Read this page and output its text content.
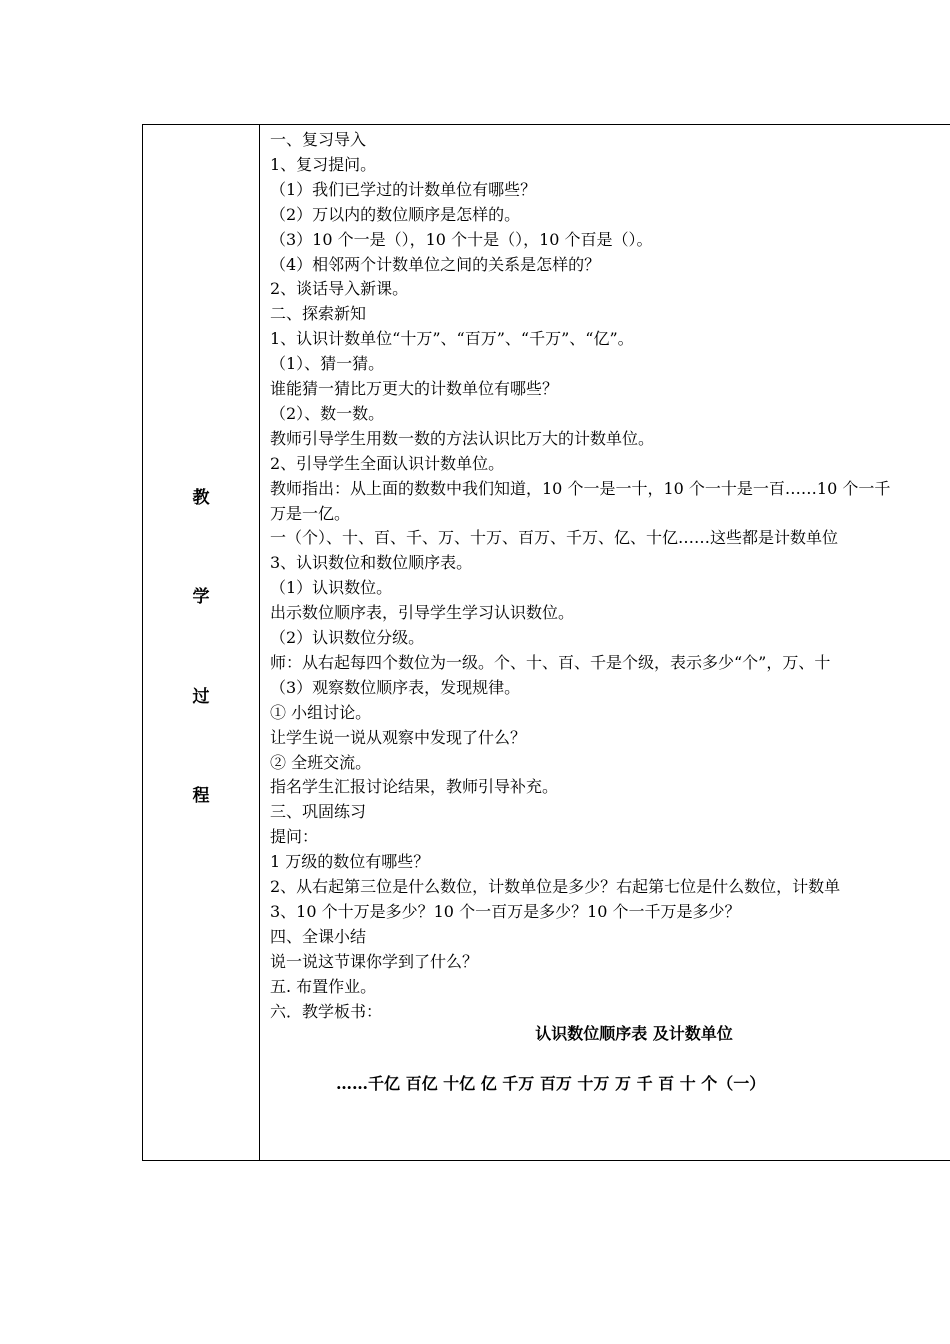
教
学
过
程
认识数位顺序表 及计数单位
……千亿 百亿 十亿 亿 千万 百万 十万 万 千 百 十 个（一）
一、复习导入
1、复习提问。
（1）我们已学过的计数单位有哪些？
（2）万以内的数位顺序是怎样的。
（3）10 个一是（），10 个十是（），10 个百是（）。
（4）相邻两个计数单位之间的关系是怎样的？
2、谈话导入新课。
二、探索新知
1、认识计数单位“十万”、“百万”、“千万”、“亿”。
（1）、猜一猜。
谁能猜一猜比万更大的计数单位有哪些？
（2）、数一数。
教师引导学生用数一数的方法认识比万大的计数单位。
2、引导学生全面认识计数单位。
教师指出：从上面的数数中我们知道，10 个一是一十，10 个一十是一百……10 个一千
万是一亿。
一（个）、十、百、千、万、十万、百万、千万、亿、十亿……这些都是计数单位
3、认识数位和数位顺序表。
（1）认识数位。
出示数位顺序表，引导学生学习认识数位。
（2）认识数位分级。
师：从右起每四个数位为一级。个、十、百、千是个级，表示多少“个”，万、十
（3）观察数位顺序表，发现规律。
① 小组讨论。
让学生说一说从观察中发现了什么？
② 全班交流。
指名学生汇报讨论结果，教师引导补充。
三、巩固练习
提问：
1 万级的数位有哪些？
2、从右起第三位是什么数位，计数单位是多少？右起第七位是什么数位，计数单
3、10 个十万是多少？10 个一百万是多少？10 个一千万是多少？
四、全课小结
说一说这节课你学到了什么？
五. 布置作业。
六．教学板书：
